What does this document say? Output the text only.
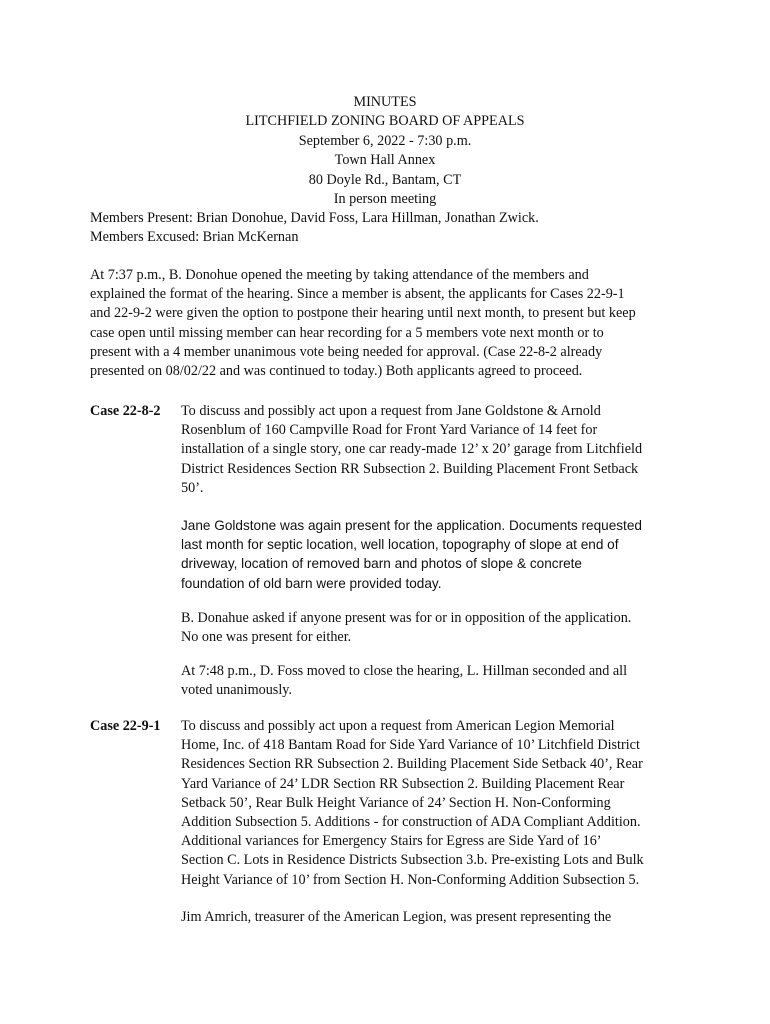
MINUTES
LITCHFIELD ZONING BOARD OF APPEALS
September 6, 2022 - 7:30 p.m.
Town Hall Annex
80 Doyle Rd., Bantam, CT
In person meeting
Members Present: Brian Donohue, David Foss, Lara Hillman, Jonathan Zwick.
Members Excused: Brian McKernan
At 7:37 p.m., B. Donohue opened the meeting by taking attendance of the members and
explained the format of the hearing. Since a member is absent, the applicants for Cases 22-9-1
and 22-9-2 were given the option to postpone their hearing until next month, to present but keep
case open until missing member can hear recording for a 5 members vote next month or to
present with a 4 member unanimous vote being needed for approval. (Case 22-8-2 already
presented on 08/02/22 and was continued to today.) Both applicants agreed to proceed.
Case 22-8-2 To discuss and possibly act upon a request from Jane Goldstone & Arnold
Rosenblum of 160 Campville Road for Front Yard Variance of 14 feet for
installation of a single story, one car ready-made 12’ x 20’ garage from Litchfield
District Residences Section RR Subsection 2. Building Placement Front Setback
50’.
Jane Goldstone was again present for the application. Documents requested
last month for septic location, well location, topography of slope at end of
driveway, location of removed barn and photos of slope & concrete
foundation of old barn were provided today.
B. Donahue asked if anyone present was for or in opposition of the application.
No one was present for either.
At 7:48 p.m., D. Foss moved to close the hearing, L. Hillman seconded and all
voted unanimously.
Case 22-9-1 To discuss and possibly act upon a request from American Legion Memorial
Home, Inc. of 418 Bantam Road for Side Yard Variance of 10’ Litchfield District
Residences Section RR Subsection 2. Building Placement Side Setback 40’, Rear
Yard Variance of 24’ LDR Section RR Subsection 2. Building Placement Rear
Setback 50’, Rear Bulk Height Variance of 24’ Section H. Non-Conforming
Addition Subsection 5. Additions - for construction of ADA Compliant Addition.
Additional variances for Emergency Stairs for Egress are Side Yard of 16’
Section C. Lots in Residence Districts Subsection 3.b. Pre-existing Lots and Bulk
Height Variance of 10’ from Section H. Non-Conforming Addition Subsection 5.
Jim Amrich, treasurer of the American Legion, was present representing the
